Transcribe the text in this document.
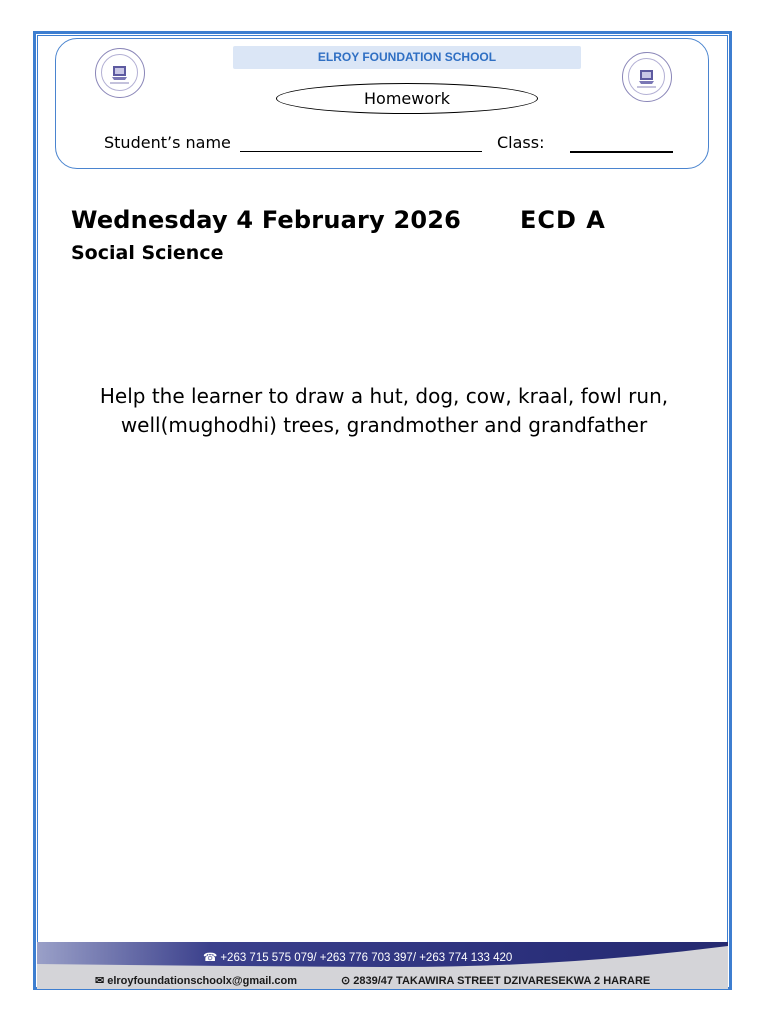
ELROY FOUNDATION SCHOOL
Homework
Student’s name	Class:
Wednesday 4 February 2026 ECD A
Social Science
Help the learner to draw a hut, dog, cow, kraal, fowl run,
well(mughodhi) trees, grandmother and grandfather
☎ +263 715 575 079/ +263 776 703 397/ +263 774 133 420
✉ elroyfoundationschoolx@gmail.com	⊙ 2839/47 TAKAWIRA STREET DZIVARESEKWA 2 HARARE
